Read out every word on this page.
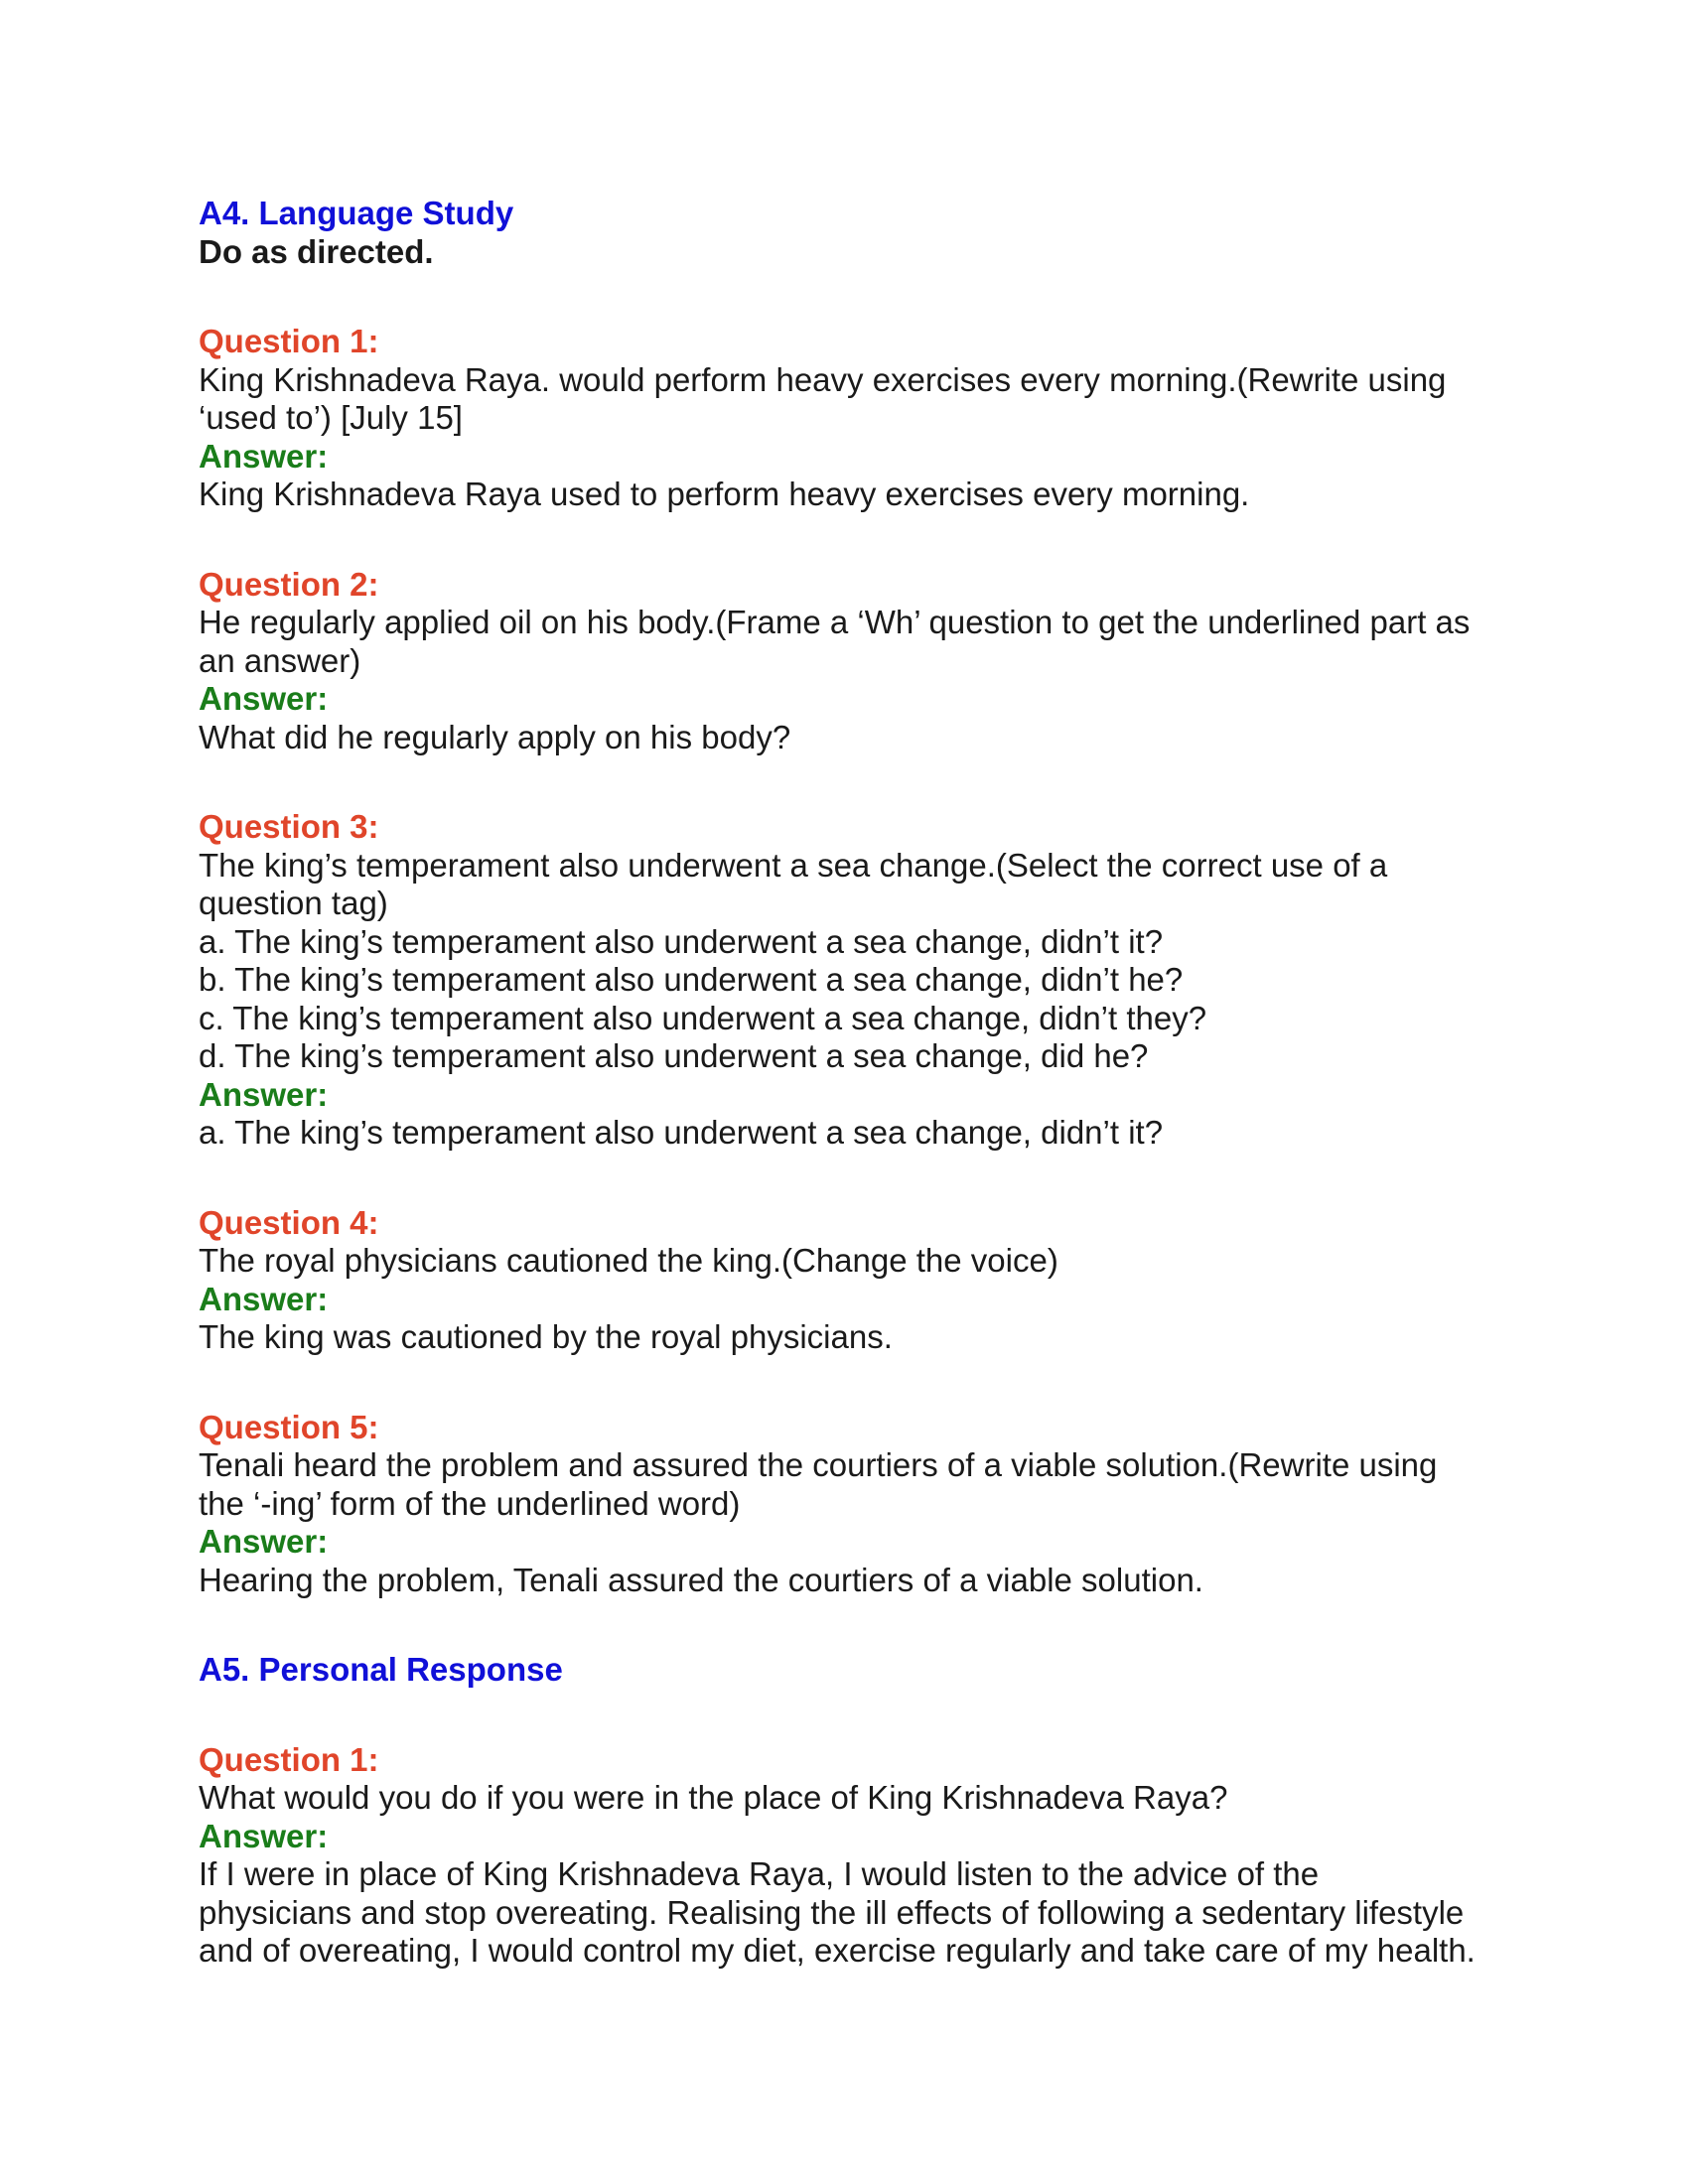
A4. Language Study

Do as directed.

Question 1:

King Krishnadeva Raya. would perform heavy exercises every morning.(Rewrite using

‘used to’) [July 15]

Answer:

King Krishnadeva Raya used to perform heavy exercises every morning.

Question 2:

He regularly applied oil on his body.(Frame a ‘Wh’ question to get the underlined part as

an answer)

Answer:

What did he regularly apply on his body?

Question 3:

The king’s temperament also underwent a sea change.(Select the correct use of a

question tag)

a. The king’s temperament also underwent a sea change, didn’t it?

b. The king’s temperament also underwent a sea change, didn’t he?

c. The king’s temperament also underwent a sea change, didn’t they?

d. The king’s temperament also underwent a sea change, did he?

Answer:

a. The king’s temperament also underwent a sea change, didn’t it?

Question 4:

The royal physicians cautioned the king.(Change the voice)

Answer:

The king was cautioned by the royal physicians.

Question 5:

Tenali heard the problem and assured the courtiers of a viable solution.(Rewrite using

the ‘-ing’ form of the underlined word)

Answer:

Hearing the problem, Tenali assured the courtiers of a viable solution.

A5. Personal Response

Question 1:

What would you do if you were in the place of King Krishnadeva Raya?

Answer:

If I were in place of King Krishnadeva Raya, I would listen to the advice of the

physicians and stop overeating. Realising the ill effects of following a sedentary lifestyle

and of overeating, I would control my diet, exercise regularly and take care of my health.
